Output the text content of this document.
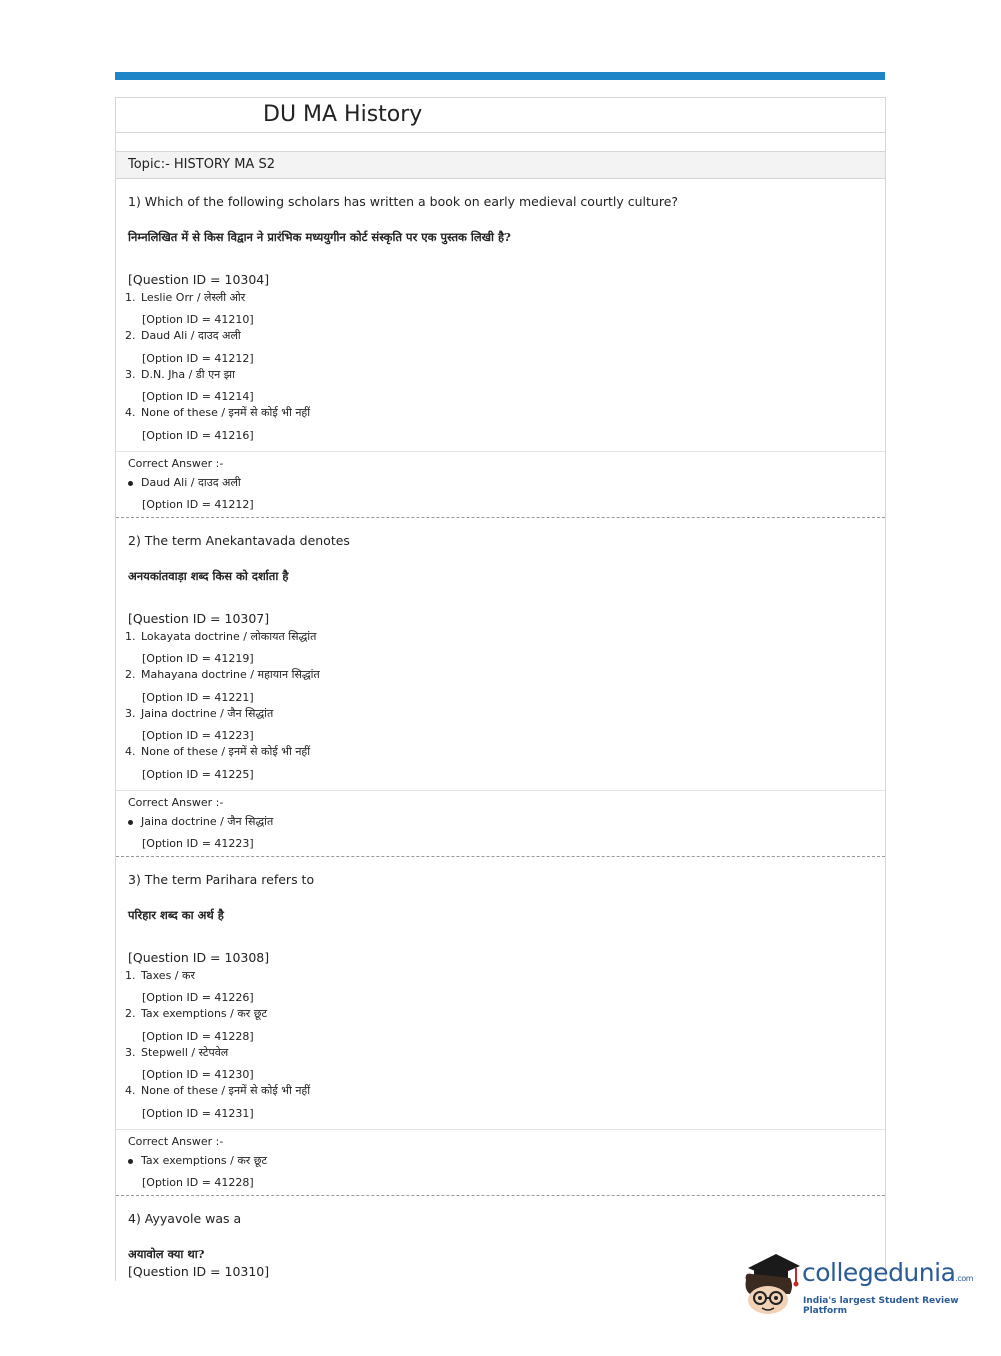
DU MA History
Topic:- HISTORY MA S2
1) Which of the following scholars has written a book on early medieval courtly culture?
निम्नलिखित में से किस विद्वान ने प्रारंभिक मध्ययुगीन कोर्ट संस्कृति पर एक पुस्तक लिखी है?
[Question ID = 10304]
1. Leslie Orr / लेस्ली ओर
[Option ID = 41210]
2. Daud Ali / दाउद अली
[Option ID = 41212]
3. D.N. Jha / डी एन झा
[Option ID = 41214]
4. None of these / इनमें से कोई भी नहीं
[Option ID = 41216]
Correct Answer :-
Daud Ali / दाउद अली
[Option ID = 41212]
2) The term Anekantavada denotes
अनयकांतवाड़ा शब्द किस को दर्शाता है
[Question ID = 10307]
1. Lokayata doctrine / लोकायत सिद्धांत
[Option ID = 41219]
2. Mahayana doctrine / महायान सिद्धांत
[Option ID = 41221]
3. Jaina doctrine / जैन सिद्धांत
[Option ID = 41223]
4. None of these / इनमें से कोई भी नहीं
[Option ID = 41225]
Correct Answer :-
Jaina doctrine / जैन सिद्धांत
[Option ID = 41223]
3) The term Parihara refers to
परिहार शब्द का अर्थ है
[Question ID = 10308]
1. Taxes / कर
[Option ID = 41226]
2. Tax exemptions / कर छूट
[Option ID = 41228]
3. Stepwell / स्टेपवेल
[Option ID = 41230]
4. None of these / इनमें से कोई भी नहीं
[Option ID = 41231]
Correct Answer :-
Tax exemptions / कर छूट
[Option ID = 41228]
4) Ayyavole was a
अयावोल क्या था?
[Question ID = 10310]	collegedunia.com
India's largest Student Review Platform
